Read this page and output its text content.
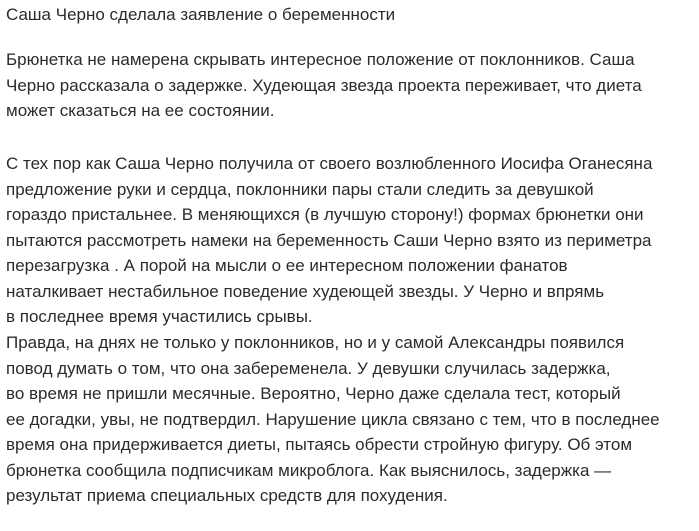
Саша Черно сделала заявление о беременности

Брюнетка не намерена скрывать интересное положение от поклонников. Саша
Черно рассказала о задержке. Худеющая звезда проекта переживает, что диета
может сказаться на ее состоянии.

С тех пор как Саша Черно получила от своего возлюбленного Иосифа Оганесяна
предложение руки и сердца, поклонники пары стали следить за девушкой
гораздо пристальнее. В меняющихся (в лучшую сторону!) формах брюнетки они
пытаются рассмотреть намеки на беременность Саши Черно взято из периметра
перезагрузка . А порой на мысли о ее интересном положении фанатов
наталкивает нестабильное поведение худеющей звезды. У Черно и впрямь
в последнее время участились срывы.

Правда, на днях не только у поклонников, но и у самой Александры появился
повод думать о том, что она забеременела. У девушки случилась задержка,
во время не пришли месячные. Вероятно, Черно даже сделала тест, который
ее догадки, увы, не подтвердил. Нарушение цикла связано с тем, что в последнее
время она придерживается диеты, пытаясь обрести стройную фигуру. Об этом
брюнетка сообщила подписчикам микроблога. Как выяснилось, задержка —
результат приема специальных средств для похудения.
